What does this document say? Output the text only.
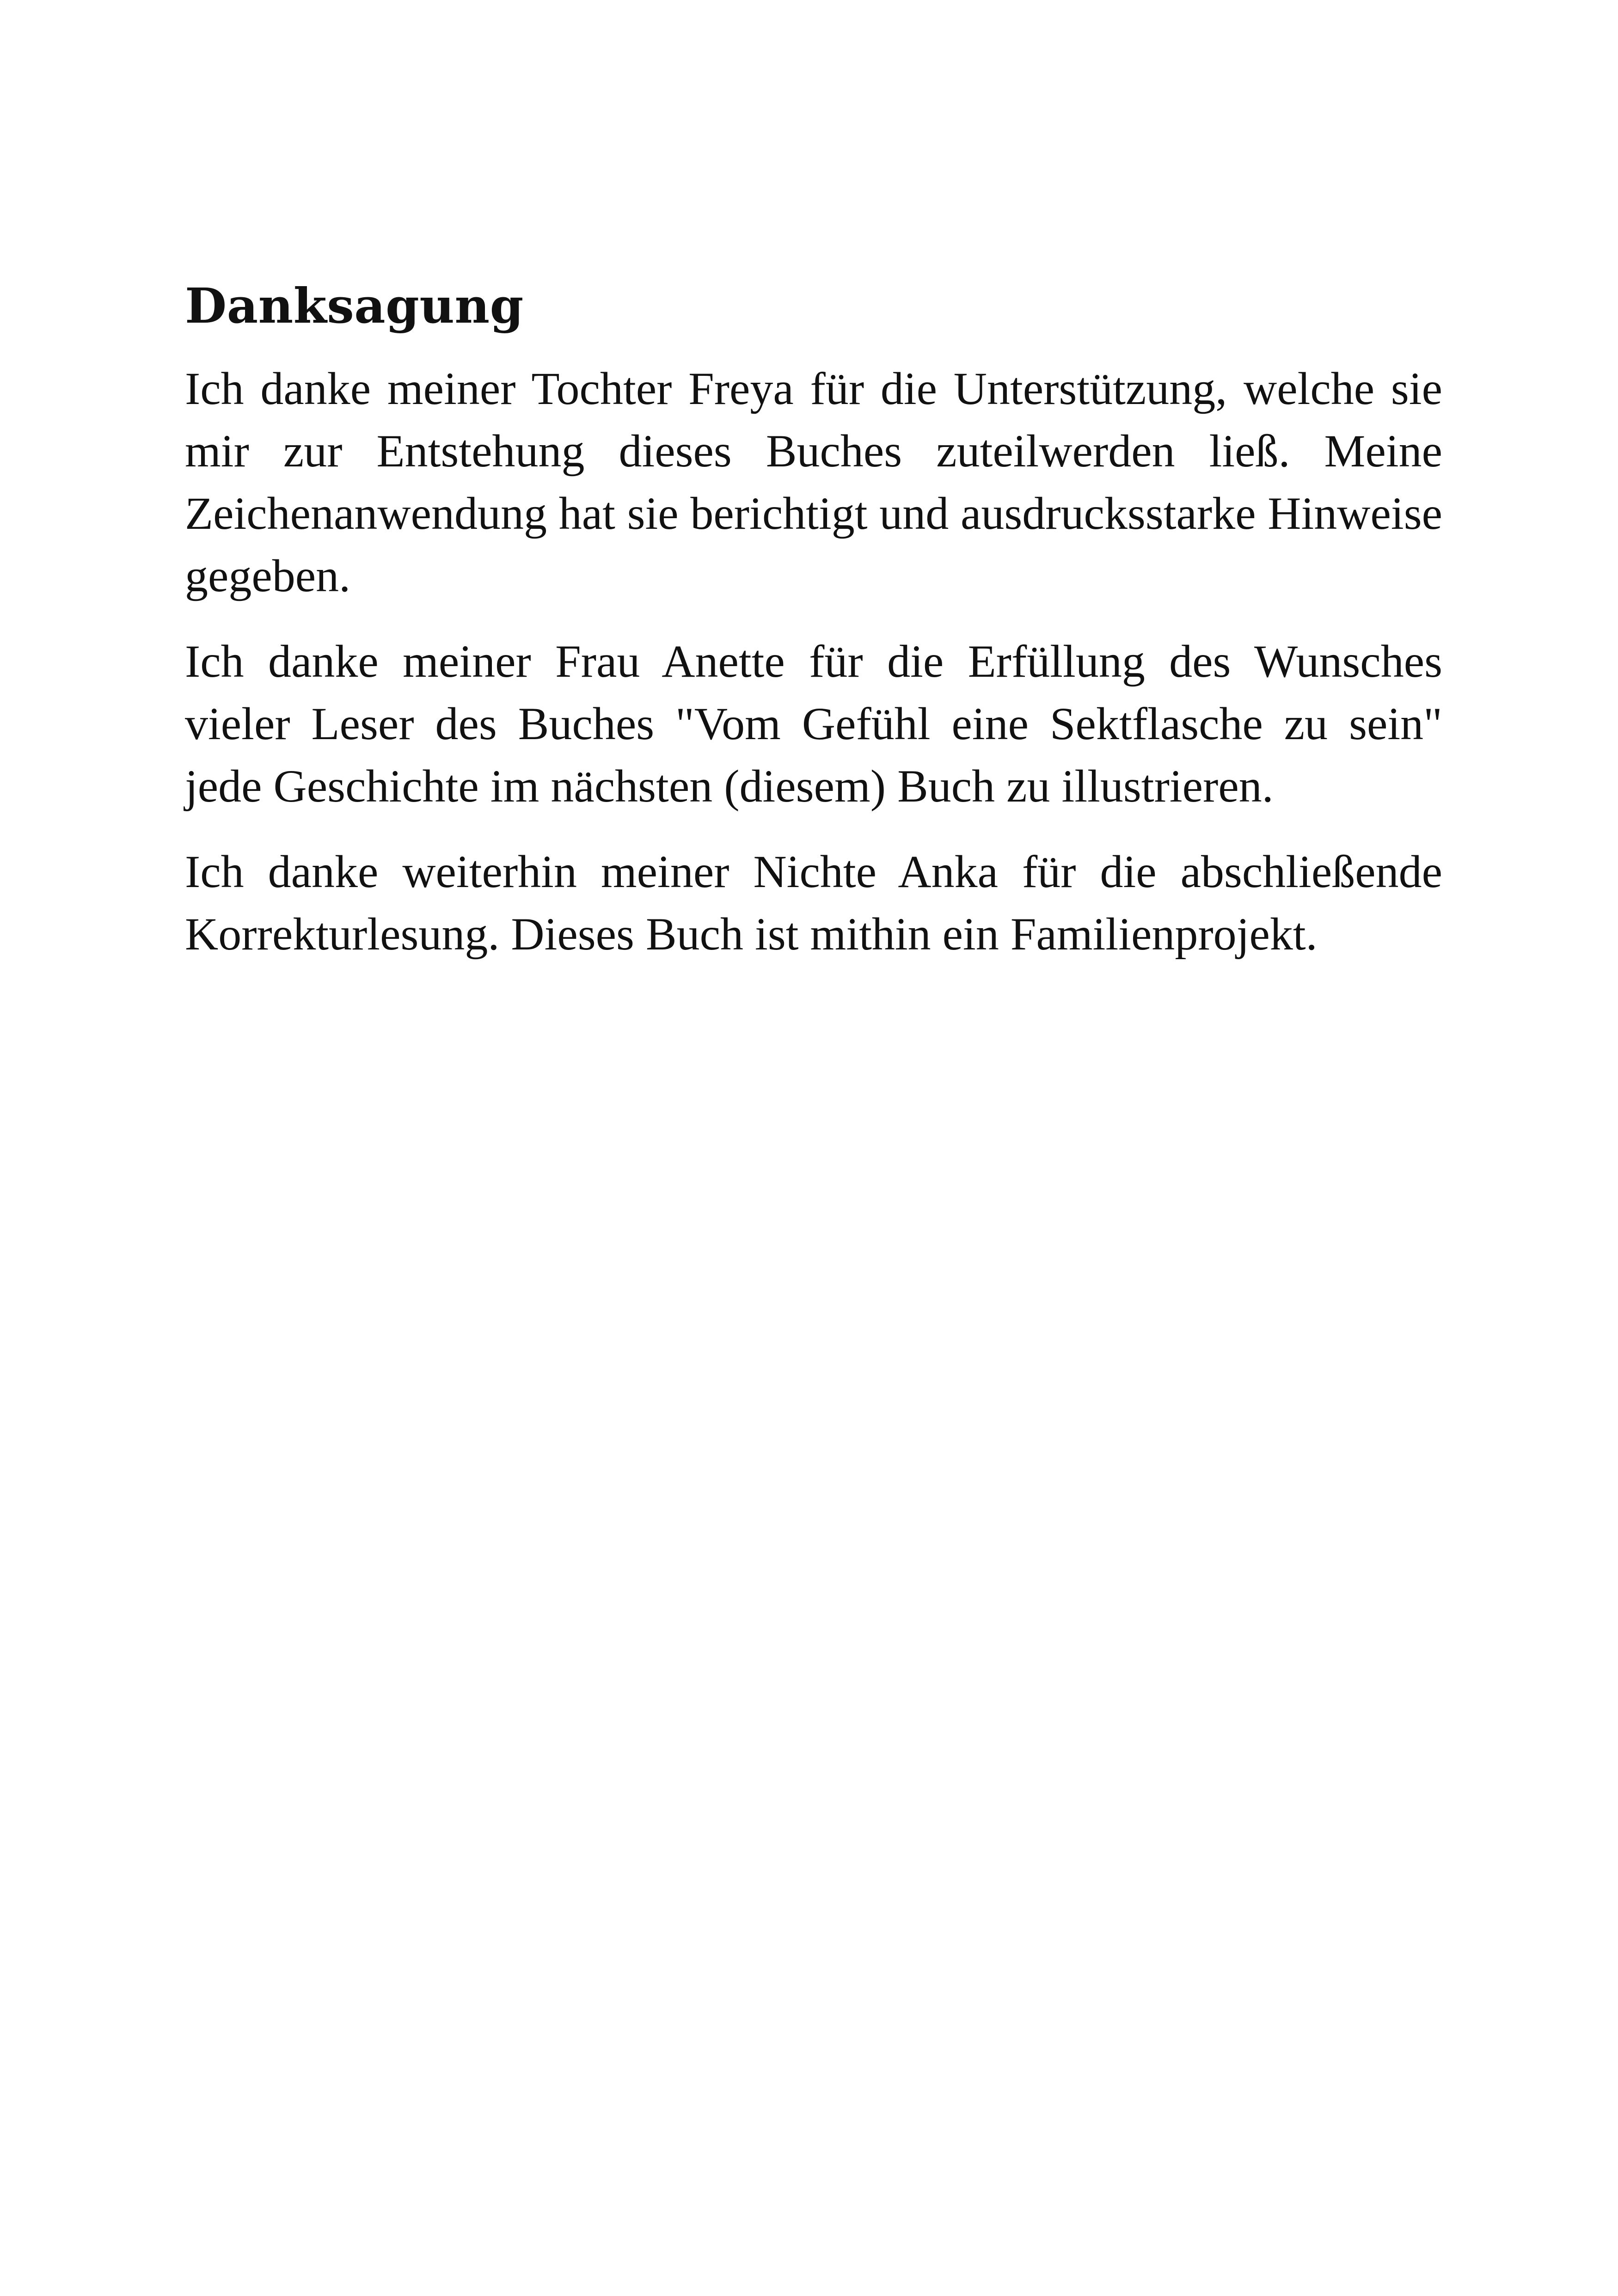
Danksagung

Ich danke meiner Tochter Freya für die Unterstützung, welche sie mir zur Entstehung dieses Buches zuteilwerden ließ. Meine Zeichenanwendung hat sie berichtigt und ausdrucksstarke Hinweise gegeben.

Ich danke meiner Frau Anette für die Erfüllung des Wunsches vieler Leser des Buches "Vom Gefühl eine Sektflasche zu sein" jede Geschichte im nächsten (diesem) Buch zu illustrieren.

Ich danke weiterhin meiner Nichte Anka für die abschließende Korrekturlesung. Dieses Buch ist mithin ein Familienprojekt.
